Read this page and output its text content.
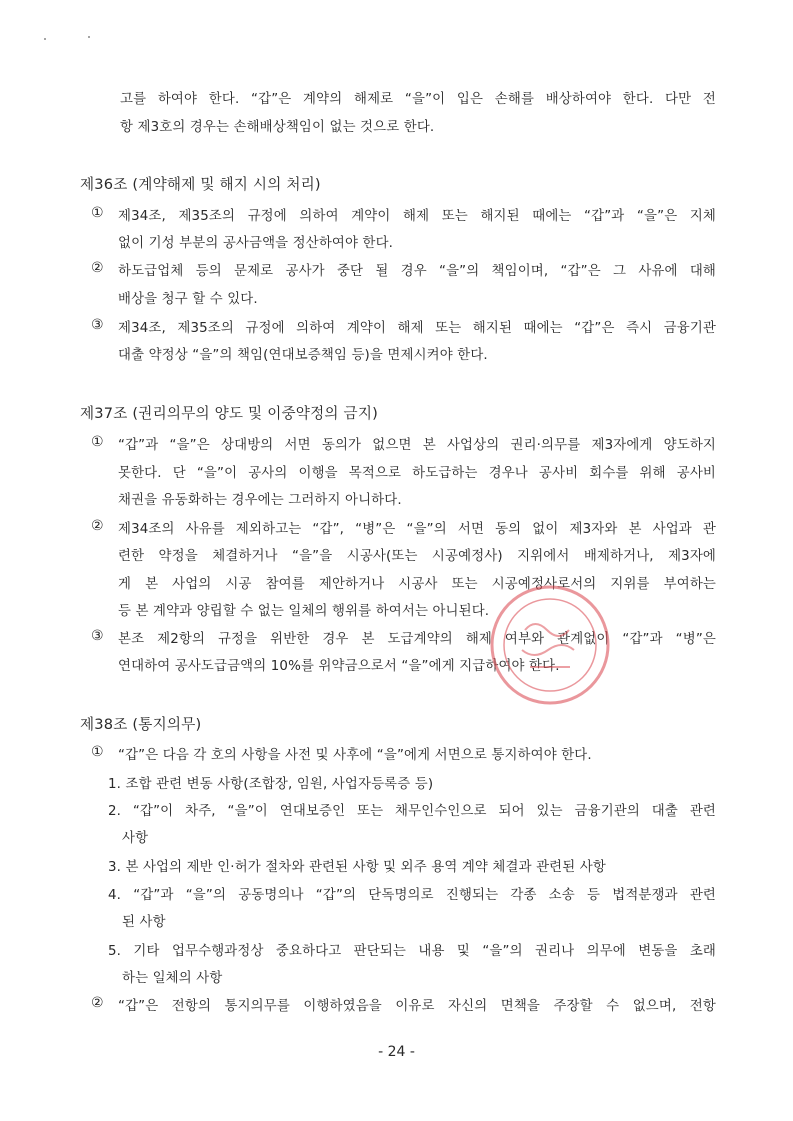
고를 하여야 한다. “갑”은 계약의 해제로 “을”이 입은 손해를 배상하여야 한다. 다만 전
항 제3호의 경우는 손해배상책임이 없는 것으로 한다.
제36조 (계약해제 및 해지 시의 처리)
① 제34조, 제35조의 규정에 의하여 계약이 해제 또는 해지된 때에는 “갑”과 “을”은 지체
없이 기성 부분의 공사금액을 정산하여야 한다.
② 하도급업체 등의 문제로 공사가 중단 될 경우 “을”의 책임이며, “갑”은 그 사유에 대해
배상을 청구 할 수 있다.
③ 제34조, 제35조의 규정에 의하여 계약이 해제 또는 해지된 때에는 “갑”은 즉시 금융기관
대출 약정상 “을”의 책임(연대보증책임 등)을 면제시켜야 한다.
제37조 (권리의무의 양도 및 이중약정의 금지)
① “갑”과 “을”은 상대방의 서면 동의가 없으면 본 사업상의 권리·의무를 제3자에게 양도하지
못한다. 단 “을”이 공사의 이행을 목적으로 하도급하는 경우나 공사비 회수를 위해 공사비
채권을 유동화하는 경우에는 그러하지 아니하다.
② 제34조의 사유를 제외하고는 “갑”, “병”은 “을”의 서면 동의 없이 제3자와 본 사업과 관
련한 약정을 체결하거나 “을”을 시공사(또는 시공예정사) 지위에서 배제하거나, 제3자에
게 본 사업의 시공 참여를 제안하거나 시공사 또는 시공예정사로서의 지위를 부여하는
등 본 계약과 양립할 수 없는 일체의 행위를 하여서는 아니된다.
③ 본조 제2항의 규정을 위반한 경우 본 도급계약의 해제 여부와 관계없이 “갑”과 “병”은
연대하여 공사도급금액의 10%를 위약금으로서 “을”에게 지급하여야 한다.
제38조 (통지의무)
① “갑”은 다음 각 호의 사항을 사전 및 사후에 “을”에게 서면으로 통지하여야 한다.
1. 조합 관련 변동 사항(조합장, 임원, 사업자등록증 등)
2. “갑”이 차주, “을”이 연대보증인 또는 채무인수인으로 되어 있는 금융기관의 대출 관련
사항
3. 본 사업의 제반 인·허가 절차와 관련된 사항 및 외주 용역 계약 체결과 관련된 사항
4. “갑”과 “을”의 공동명의나 “갑”의 단독명의로 진행되는 각종 소송 등 법적분쟁과 관련
된 사항
5. 기타 업무수행과정상 중요하다고 판단되는 내용 및 “을”의 권리나 의무에 변동을 초래
하는 일체의 사항
② “갑”은 전항의 통지의무를 이행하였음을 이유로 자신의 면책을 주장할 수 없으며, 전항
- 24 -
